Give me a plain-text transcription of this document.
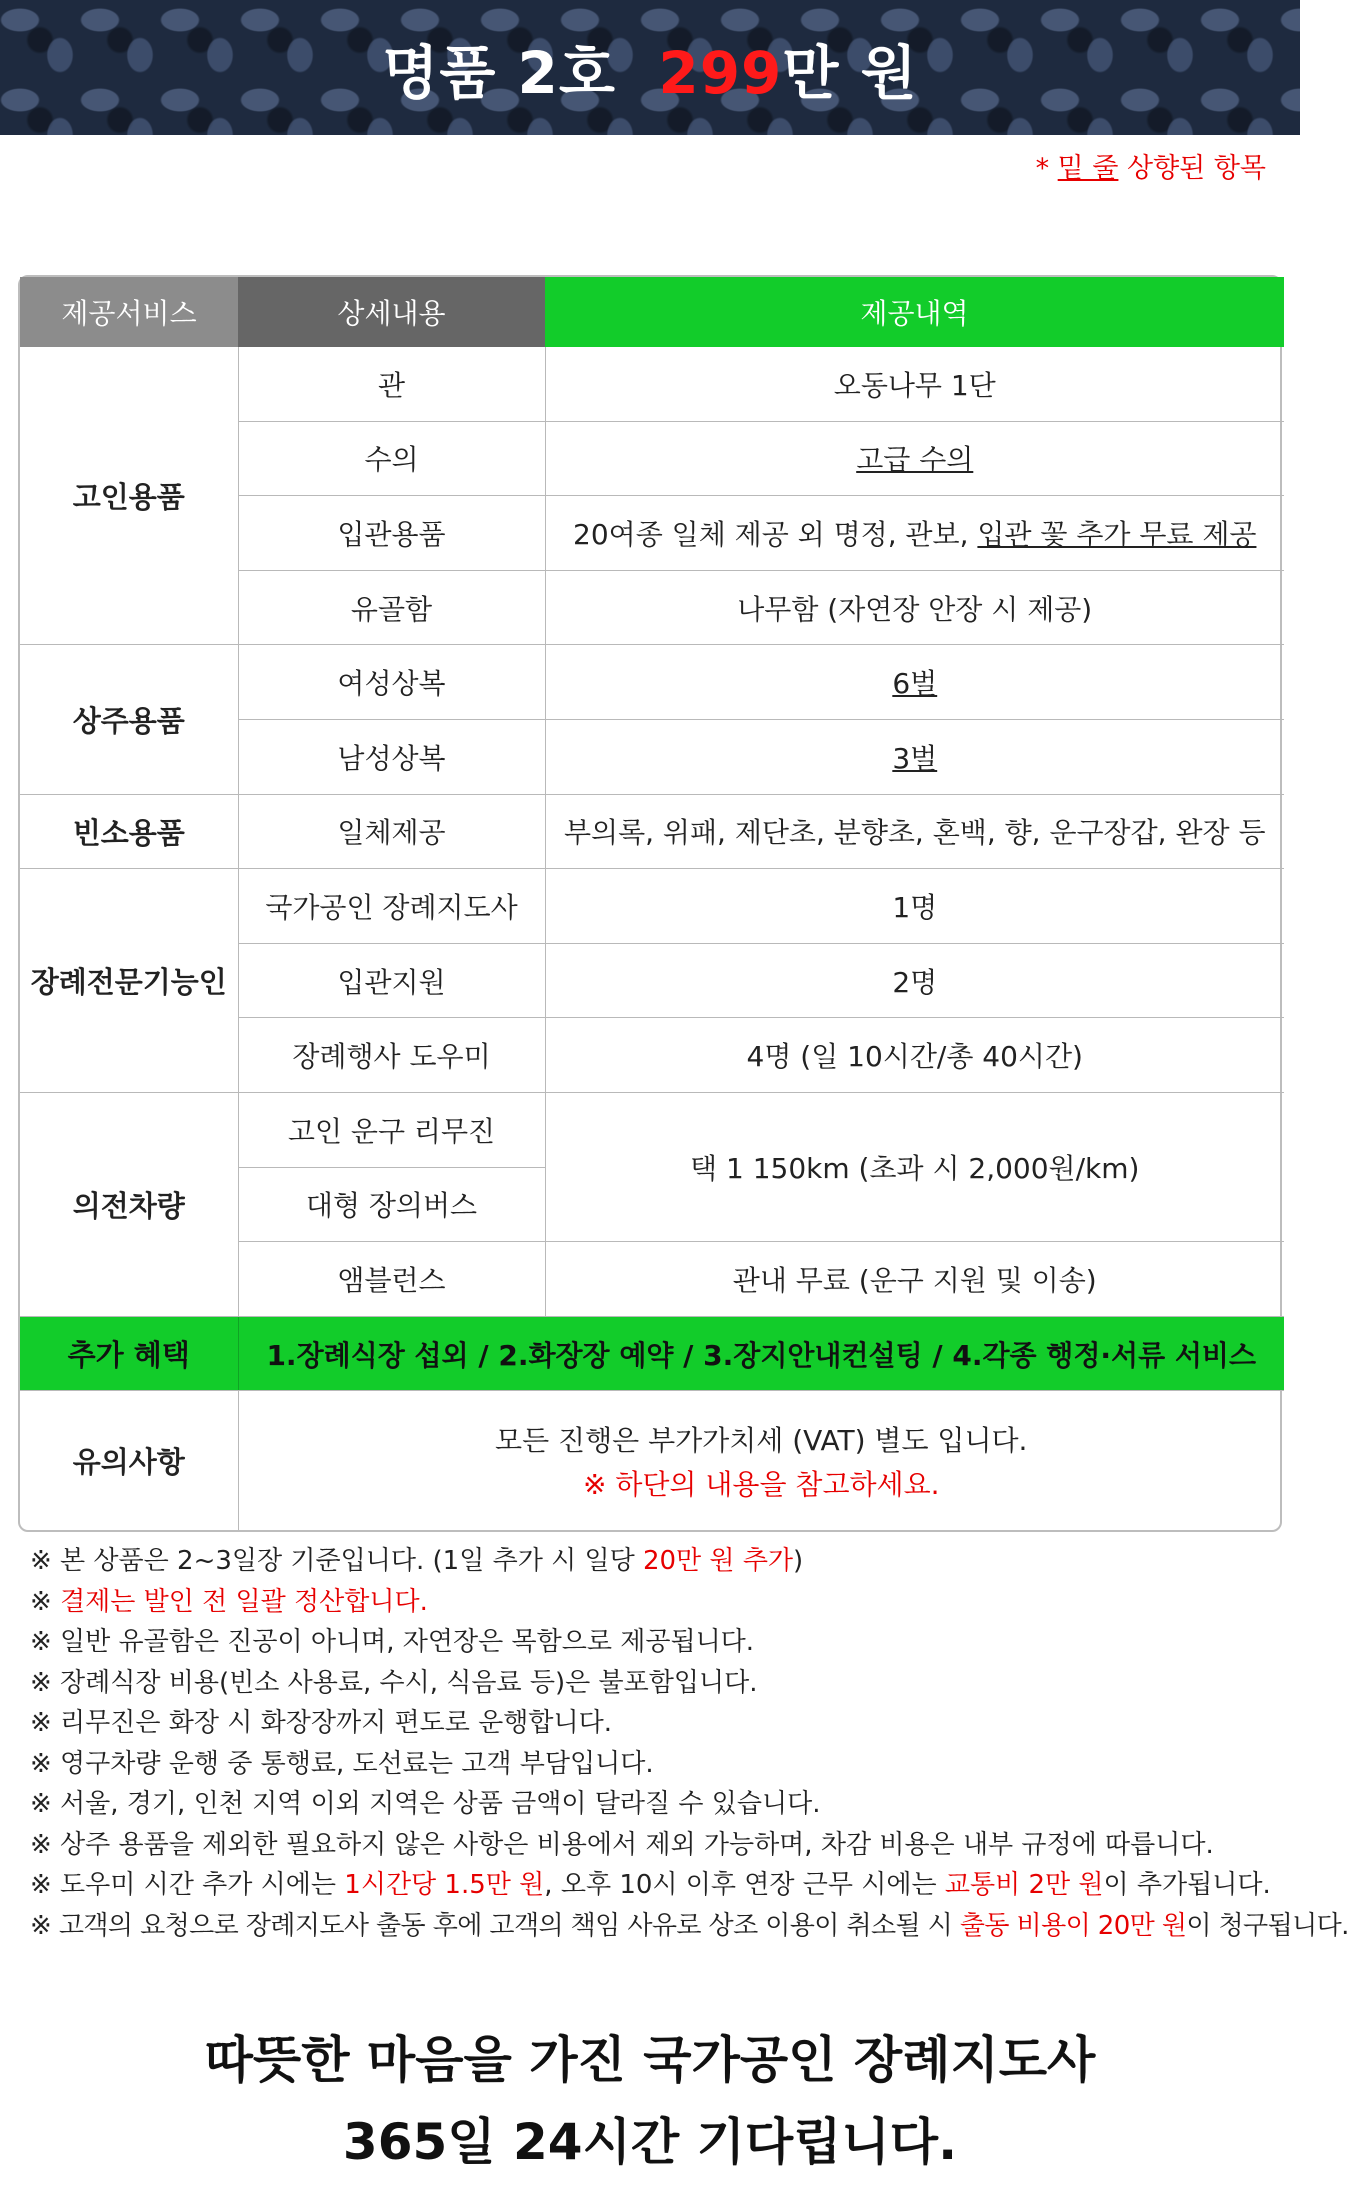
명품 2호 299만 원
* 밑 줄 상향된 항목
제공서비스	상세내용	제공내역
고인용품	관	오동나무 1단
	수의	고급 수의
	입관용품	20여종 일체 제공 외 명정, 관보, 입관 꽃 추가 무료 제공
	유골함	나무함 (자연장 안장 시 제공)
상주용품	여성상복	6벌
	남성상복	3벌
빈소용품	일체제공	부의록, 위패, 제단초, 분향초, 혼백, 향, 운구장갑, 완장 등
장례전문기능인	국가공인 장례지도사	1명
	입관지원	2명
	장례행사 도우미	4명 (일 10시간/총 40시간)
의전차량	고인 운구 리무진	택 1 150km (초과 시 2,000원/km)
	대형 장의버스	
	앰블런스	관내 무료 (운구 지원 및 이송)
추가 혜택	1.장례식장 섭외 / 2.화장장 예약 / 3.장지안내컨설팅 / 4.각종 행정·서류 서비스	
유의사항	모든 진행은 부가가치세 (VAT) 별도 입니다.
※ 하단의 내용을 참고하세요.	
※ 본 상품은 2~3일장 기준입니다. (1일 추가 시 일당 20만 원 추가)
※ 결제는 발인 전 일괄 정산합니다.
※ 일반 유골함은 진공이 아니며, 자연장은 목함으로 제공됩니다.
※ 장례식장 비용(빈소 사용료, 수시, 식음료 등)은 불포함입니다.
※ 리무진은 화장 시 화장장까지 편도로 운행합니다.
※ 영구차량 운행 중 통행료, 도선료는 고객 부담입니다.
※ 서울, 경기, 인천 지역 이외 지역은 상품 금액이 달라질 수 있습니다.
※ 상주 용품을 제외한 필요하지 않은 사항은 비용에서 제외 가능하며, 차감 비용은 내부 규정에 따릅니다.
※ 도우미 시간 추가 시에는 1시간당 1.5만 원, 오후 10시 이후 연장 근무 시에는 교통비 2만 원이 추가됩니다.
※ 고객의 요청으로 장례지도사 출동 후에 고객의 책임 사유로 상조 이용이 취소될 시 출동 비용이 20만 원이 청구됩니다.
따뜻한 마음을 가진 국가공인 장례지도사
365일 24시간 기다립니다.
